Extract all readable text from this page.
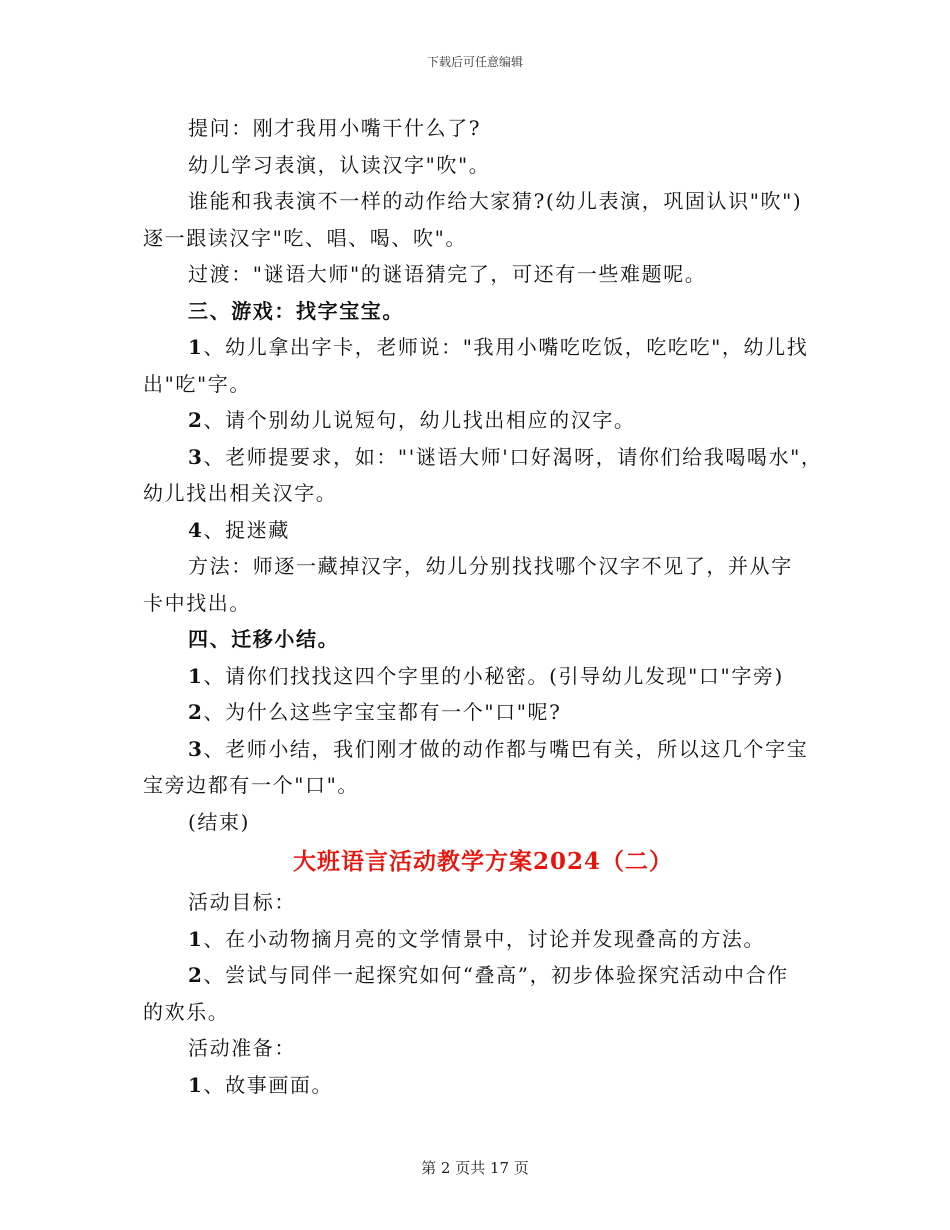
下载后可任意编辑

提问：刚才我用小嘴干什么了?

幼儿学习表演，认读汉字"吹"。

谁能和我表演不一样的动作给大家猜?(幼儿表演，巩固认识"吹")

逐一跟读汉字"吃、唱、喝、吹"。

过渡："谜语大师"的谜语猜完了，可还有一些难题呢。

三、游戏：找字宝宝。

1、幼儿拿出字卡，老师说："我用小嘴吃吃饭，吃吃吃"，幼儿找

出"吃"字。

2、请个别幼儿说短句，幼儿找出相应的汉字。

3、老师提要求，如："'谜语大师'口好渴呀，请你们给我喝喝水"，

幼儿找出相关汉字。

4、捉迷藏

方法：师逐一藏掉汉字，幼儿分别找找哪个汉字不见了，并从字

卡中找出。

四、迁移小结。

1、请你们找找这四个字里的小秘密。(引导幼儿发现"口"字旁)

2、为什么这些字宝宝都有一个"口"呢?

3、老师小结，我们刚才做的动作都与嘴巴有关，所以这几个字宝

宝旁边都有一个"口"。

(结束)

大班语言活动教学方案2024（二）

活动目标：

1、在小动物摘月亮的文学情景中，讨论并发现叠高的方法。

2、尝试与同伴一起探究如何“叠高”，初步体验探究活动中合作

的欢乐。

活动准备：

1、故事画面。

第 2 页共 17 页
